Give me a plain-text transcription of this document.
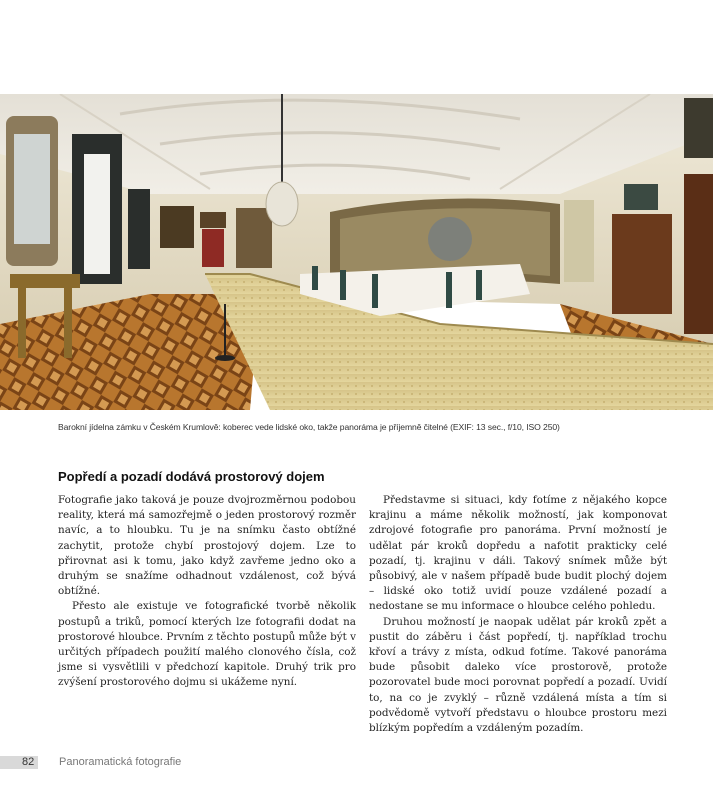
Barokní jídelna zámku v Českém Krumlově: koberec vede lidské oko, takže panoráma je příjemně čitelné (EXIF: 13 sec., f/10, ISO 250)
Popředí a pozadí dodává prostorový dojem

Fotografie jako taková je pouze dvojrozměrnou podobou reality, která má samozřejmě o jeden prostorový rozměr navíc, a to hloubku. Tu je na snímku často obtížné zachytit, protože chybí prostojový dojem. Lze to přirovnat asi k tomu, jako když zavřeme jedno oko a druhým se snažíme odhadnout vzdálenost, což bývá obtížné.

Přesto ale existuje ve fotografické tvorbě několik postupů a triků, pomocí kterých lze fotografii dodat na prostorové hloubce. Prvním z těchto postupů může být v určitých případech použití malého clonového čísla, což jsme si vysvětlili v předchozí kapitole. Druhý trik pro zvýšení prostorového dojmu si ukážeme nyní.

Představme si situaci, kdy fotíme z nějakého kopce krajinu a máme několik možností, jak komponovat zdrojové fotografie pro panoráma. První možností je udělat pár kroků dopředu a nafotit prakticky celé pozadí, tj. krajinu v dáli. Takový snímek může být působivý, ale v našem případě bude budit plochý dojem – lidské oko totiž uvidí pouze vzdálené pozadí a nedostane se mu informace o hloubce celého pohledu.

Druhou možností je naopak udělat pár kroků zpět a pustit do záběru i část popředí, tj. například trochu křoví a trávy z místa, odkud fotíme. Takové panoráma bude působit daleko více prostorově, protože pozorovatel bude moci porovnat popředí a pozadí. Uvidí to, na co je zvyklý – různě vzdálená místa a tím si podvědomě vytvoří představu o hloubce prostoru mezi blízkým popředím a vzdáleným pozadím.

82	Panoramatická fotografie
